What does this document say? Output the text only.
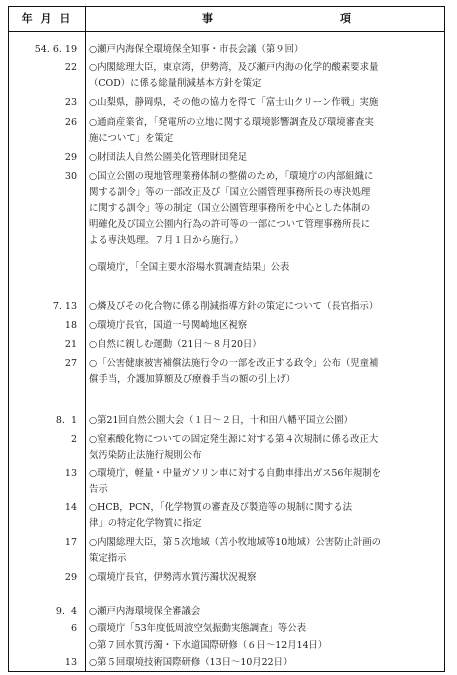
年 月 日	事	項
54. 6. 19 ○瀬戸内海保全環境保全知事・市長会議（第９回）
22 ○内閣総理大臣，東京湾，伊勢湾，及び瀬戸内海の化学的酸素要求量
（COD）に係る総量削減基本方針を策定
23 ○山梨県，静岡県，その他の協力を得て「富士山クリーン作戦」実施
26 ○通商産業省，「発電所の立地に関する環境影響調査及び環境審査実
施について」を策定
29 ○財団法人自然公園美化管理財団発足
30 ○国立公園の現地管理業務体制の整備のため，「環境庁の内部組織に
関する訓令」等の一部改正及び「国立公園管理事務所長の専決処理
に関する訓令」等の制定（国立公園管理事務所を中心とした体制の
明確化及び国立公園内行為の許可等の一部について管理事務所長に
よる専決処理。７月１日から施行。）
○環境庁，「全国主要水浴場水質調査結果」公表
7. 13 ○燐及びその化合物に係る削減指導方針の策定について（長官指示）
18 ○環境庁長官，国道一号関崎地区視察
21 ○自然に親しむ運動（21日～８月20日）
27 ○「公害健康被害補償法施行令の一部を改正する政令」公布（児童補
償手当，介護加算額及び療養手当の額の引上げ）
8.  1 ○第21回自然公園大会（１日～２日，十和田八幡平国立公園）
2 ○窒素酸化物についての固定発生源に対する第４次規制に係る改正大
気汚染防止法施行規則公布
13 ○環境庁，軽量・中量ガソリン車に対する自動車排出ガス56年規制を
告示
14 ○HCB，PCN，「化学物質の審査及び製造等の規制に関する法
律」の特定化学物質に指定
17 ○内閣総理大臣，第５次地域（苫小牧地域等10地域）公害防止計画の
策定指示
29 ○環境庁長官，伊勢湾水質汚濁状況視察
9.  4 ○瀬戸内海環境保全審議会
6 ○環境庁「53年度低周波空気振動実態調査」等公表
○第７回水質汚濁・下水道国際研修（６日～12月14日）
13 ○第５回環境技術国際研修（13日～10月22日）
